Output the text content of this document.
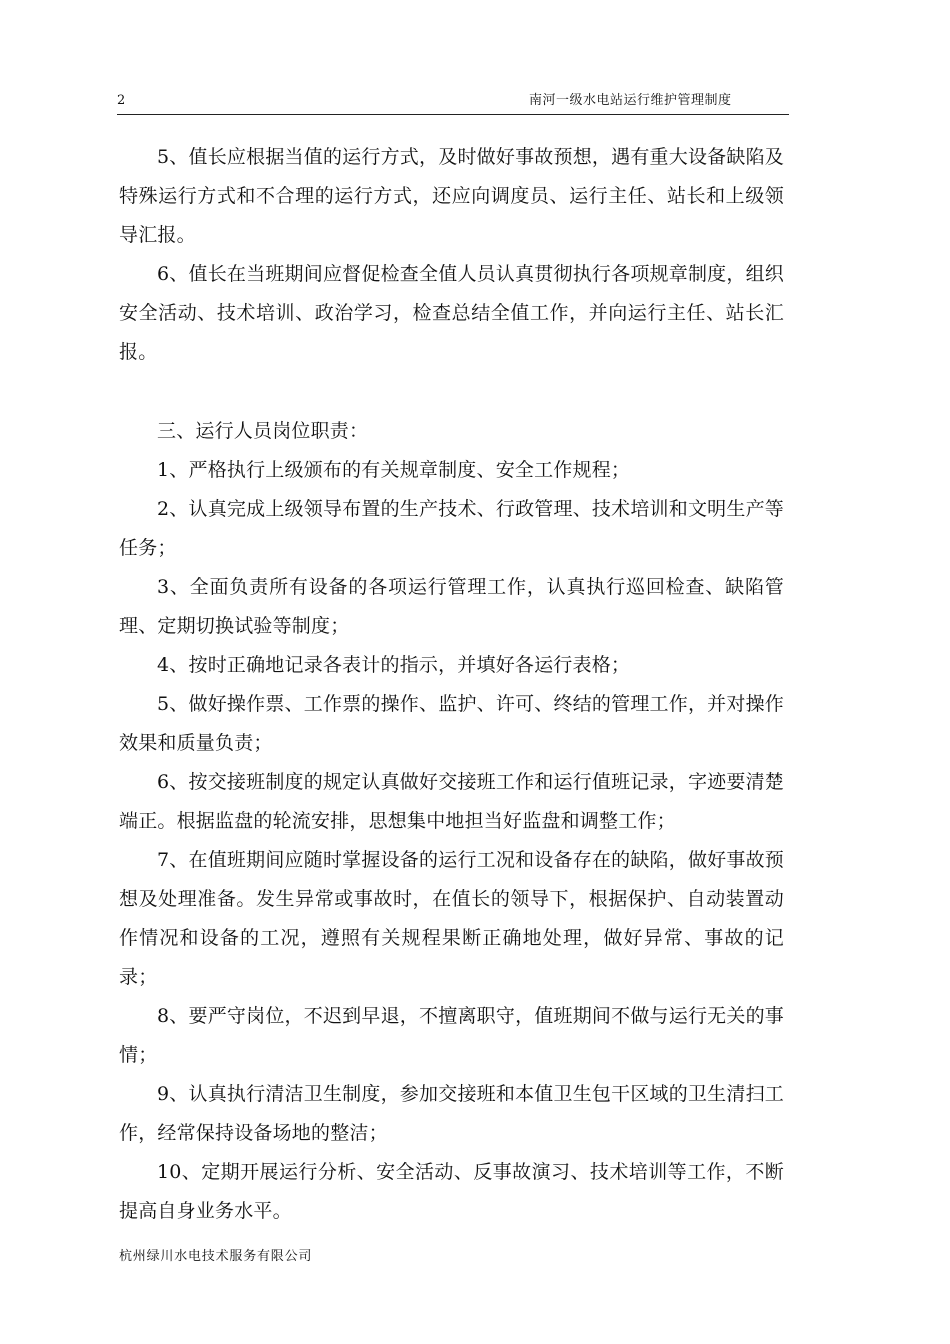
2	南河一级水电站运行维护管理制度

5、值长应根据当值的运行方式，及时做好事故预想，遇有重大设备缺陷及特殊运行方式和不合理的运行方式，还应向调度员、运行主任、站长和上级领导汇报。

6、值长在当班期间应督促检查全值人员认真贯彻执行各项规章制度，组织安全活动、技术培训、政治学习，检查总结全值工作，并向运行主任、站长汇报。

三、运行人员岗位职责：

1、严格执行上级颁布的有关规章制度、安全工作规程；

2、认真完成上级领导布置的生产技术、行政管理、技术培训和文明生产等任务；

3、全面负责所有设备的各项运行管理工作，认真执行巡回检查、缺陷管理、定期切换试验等制度；

4、按时正确地记录各表计的指示，并填好各运行表格；

5、做好操作票、工作票的操作、监护、许可、终结的管理工作，并对操作效果和质量负责；

6、按交接班制度的规定认真做好交接班工作和运行值班记录，字迹要清楚端正。根据监盘的轮流安排，思想集中地担当好监盘和调整工作；

7、在值班期间应随时掌握设备的运行工况和设备存在的缺陷，做好事故预想及处理准备。发生异常或事故时，在值长的领导下，根据保护、自动装置动作情况和设备的工况，遵照有关规程果断正确地处理，做好异常、事故的记录；

8、要严守岗位，不迟到早退，不擅离职守，值班期间不做与运行无关的事情；

9、认真执行清洁卫生制度，参加交接班和本值卫生包干区域的卫生清扫工作，经常保持设备场地的整洁；

10、定期开展运行分析、安全活动、反事故演习、技术培训等工作，不断提高自身业务水平。

杭州绿川水电技术服务有限公司
